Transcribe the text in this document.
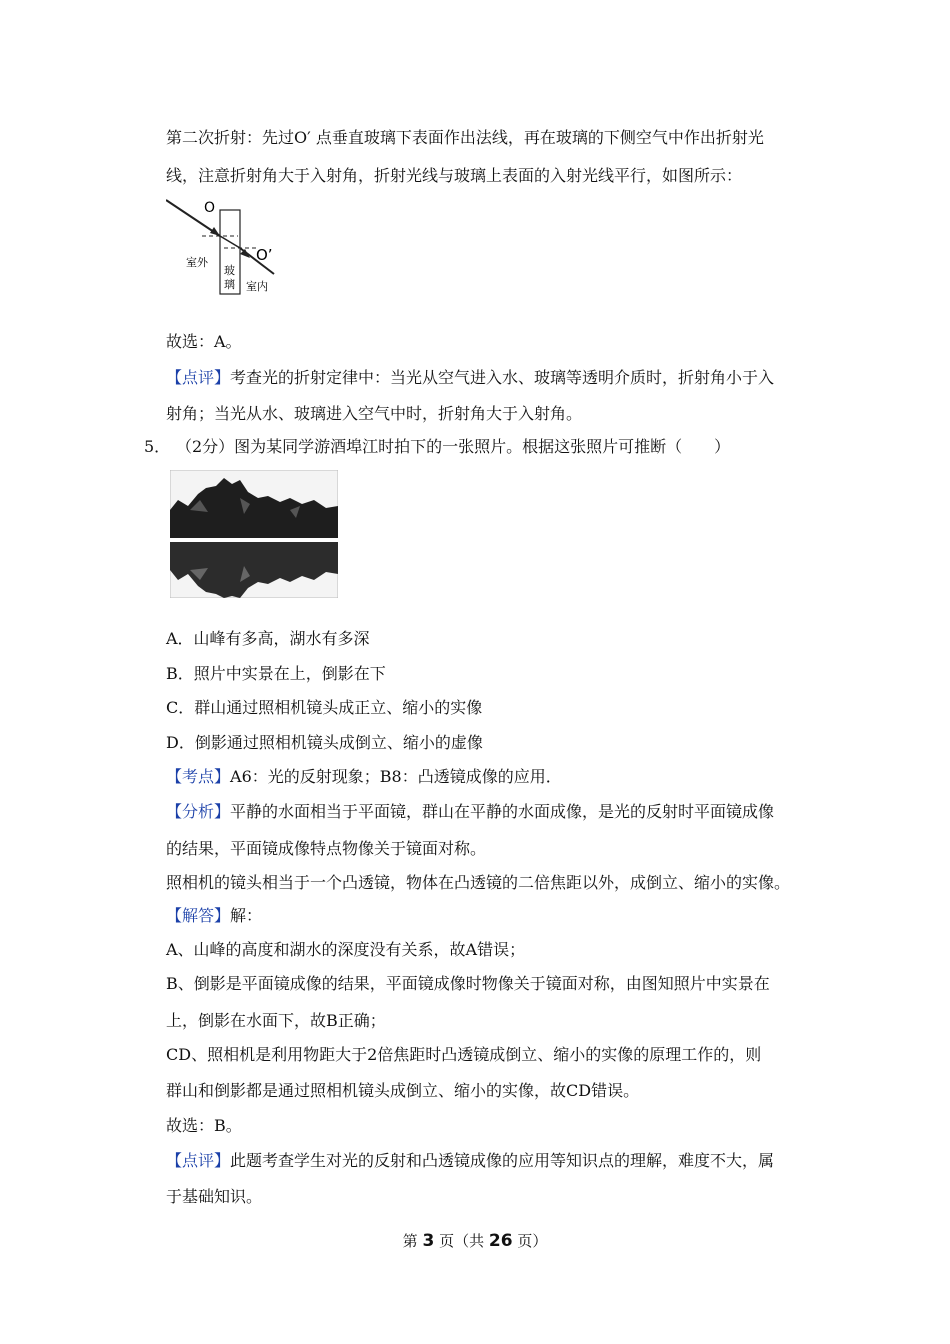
第二次折射：先过O′ 点垂直玻璃下表面作出法线，再在玻璃的下侧空气中作出折射光
线，注意折射角大于入射角，折射光线与玻璃上表面的入射光线平行，如图所示：
O
O’
室外
玻
璃 室内
故选：A。
【点评】考查光的折射定律中：当光从空气进入水、玻璃等透明介质时，折射角小于入
射角；当光从水、玻璃进入空气中时，折射角大于入射角。
5． （2分）图为某同学游酒埠江时拍下的一张照片。根据这张照片可推断（　　）
A．山峰有多高，湖水有多深
B．照片中实景在上，倒影在下
C．群山通过照相机镜头成正立、缩小的实像
D．倒影通过照相机镜头成倒立、缩小的虚像
【考点】A6：光的反射现象；B8：凸透镜成像的应用．
【分析】平静的水面相当于平面镜，群山在平静的水面成像，是光的反射时平面镜成像
的结果，平面镜成像特点物像关于镜面对称。
照相机的镜头相当于一个凸透镜，物体在凸透镜的二倍焦距以外，成倒立、缩小的实像。
【解答】解：
A、山峰的高度和湖水的深度没有关系，故A错误；
B、倒影是平面镜成像的结果，平面镜成像时物像关于镜面对称，由图知照片中实景在
上，倒影在水面下，故B正确；
CD、照相机是利用物距大于2倍焦距时凸透镜成倒立、缩小的实像的原理工作的，则
群山和倒影都是通过照相机镜头成倒立、缩小的实像，故CD错误。
故选：B。
【点评】此题考查学生对光的反射和凸透镜成像的应用等知识点的理解，难度不大，属
于基础知识。
第 3 页（共 26 页）
